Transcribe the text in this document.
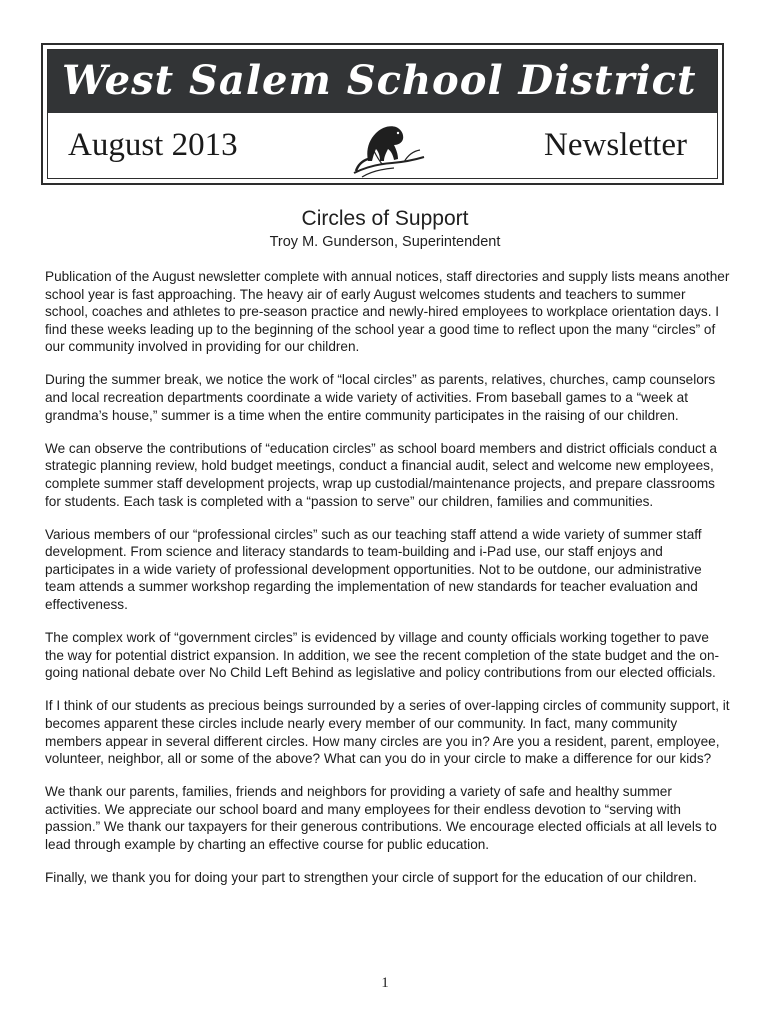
West Salem School District
August 2013	Newsletter
Circles of Support
Troy M. Gunderson, Superintendent

Publication of the August newsletter complete with annual notices, staff directories and supply lists means another school year is fast approaching. The heavy air of early August welcomes students and teachers to summer school, coaches and athletes to pre-season practice and newly-hired employees to workplace orientation days. I find these weeks leading up to the beginning of the school year a good time to reflect upon the many “circles” of our community involved in providing for our children.

During the summer break, we notice the work of “local circles” as parents, relatives, churches, camp counselors and local recreation departments coordinate a wide variety of activities. From baseball games to a “week at grandma’s house,” summer is a time when the entire community participates in the raising of our children.

We can observe the contributions of “education circles” as school board members and district officials conduct a strategic planning review, hold budget meetings, conduct a financial audit, select and welcome new employees, complete summer staff development projects, wrap up custodial/maintenance projects, and prepare classrooms for students. Each task is completed with a “passion to serve” our children, families and communities.

Various members of our “professional circles” such as our teaching staff attend a wide variety of summer staff development. From science and literacy standards to team-building and i-Pad use, our staff enjoys and participates in a wide variety of professional development opportunities. Not to be outdone, our administrative team attends a summer workshop regarding the implementation of new standards for teacher evaluation and effectiveness.

The complex work of “government circles” is evidenced by village and county officials working together to pave the way for potential district expansion. In addition, we see the recent completion of the state budget and the on-going national debate over No Child Left Behind as legislative and policy contributions from our elected officials.

If I think of our students as precious beings surrounded by a series of over-lapping circles of community support, it becomes apparent these circles include nearly every member of our community. In fact, many community members appear in several different circles. How many circles are you in? Are you a resident, parent, employee, volunteer, neighbor, all or some of the above? What can you do in your circle to make a difference for our kids?

We thank our parents, families, friends and neighbors for providing a variety of safe and healthy summer activities. We appreciate our school board and many employees for their endless devotion to “serving with passion.” We thank our taxpayers for their generous contributions. We encourage elected officials at all levels to lead through example by charting an effective course for public education.

Finally, we thank you for doing your part to strengthen your circle of support for the education of our children.

1
